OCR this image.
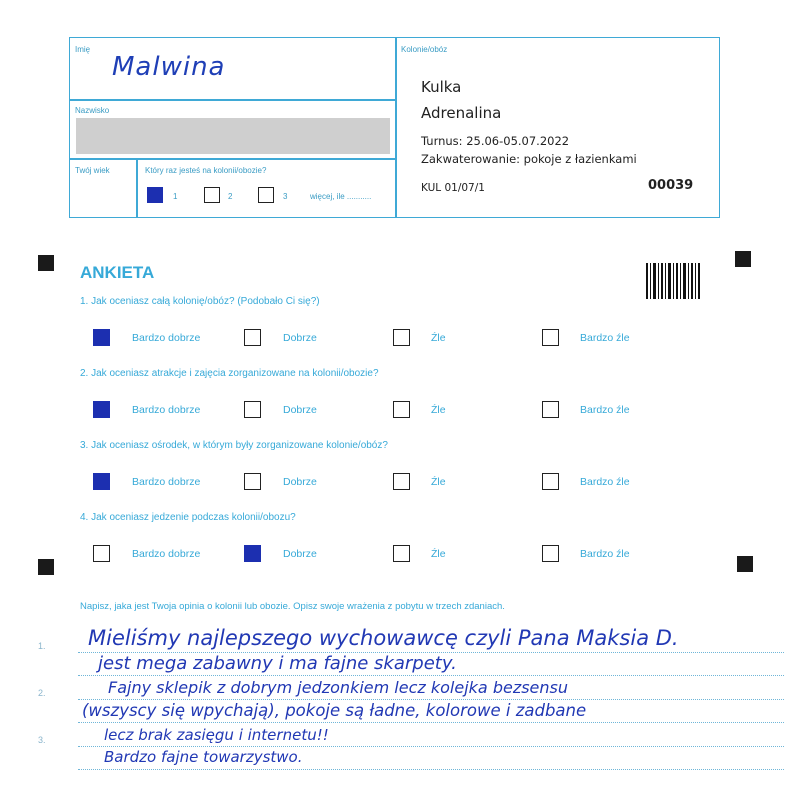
Imię
Malwina
Nazwisko
Twój wiek	Który raz jesteś na kolonii/obozie?
1	2	3	więcej, ile ...........
Kolonie/obóz
Kulka
Adrenalina
Turnus: 25.06-05.07.2022
Zakwaterowanie: pokoje z łazienkami
KUL 01/07/1	00039
ANKIETA
1. Jak oceniasz całą kolonię/obóz? (Podobało Ci się?)
Bardzo dobrze	Dobrze	Źle	Bardzo źle
2. Jak oceniasz atrakcje i zajęcia zorganizowane na kolonii/obozie?
Bardzo dobrze	Dobrze	Źle	Bardzo źle
3. Jak oceniasz ośrodek, w którym były zorganizowane kolonie/obóz?
Bardzo dobrze	Dobrze	Źle	Bardzo źle
4. Jak oceniasz jedzenie podczas kolonii/obozu?
Bardzo dobrze	Dobrze	Źle	Bardzo źle
Napisz, jaka jest Twoja opinia o kolonii lub obozie. Opisz swoje wrażenia z pobytu w trzech zdaniach.
1.
2.
3.
Mieliśmy najlepszego wychowawcę czyli Pana Maksia D.
jest mega zabawny i ma fajne skarpety.
Fajny sklepik z dobrym jedzonkiem lecz kolejka bezsensu
(wszyscy się wpychają), pokoje są ładne, kolorowe i zadbane
lecz brak zasięgu i internetu!!
Bardzo fajne towarzystwo.
